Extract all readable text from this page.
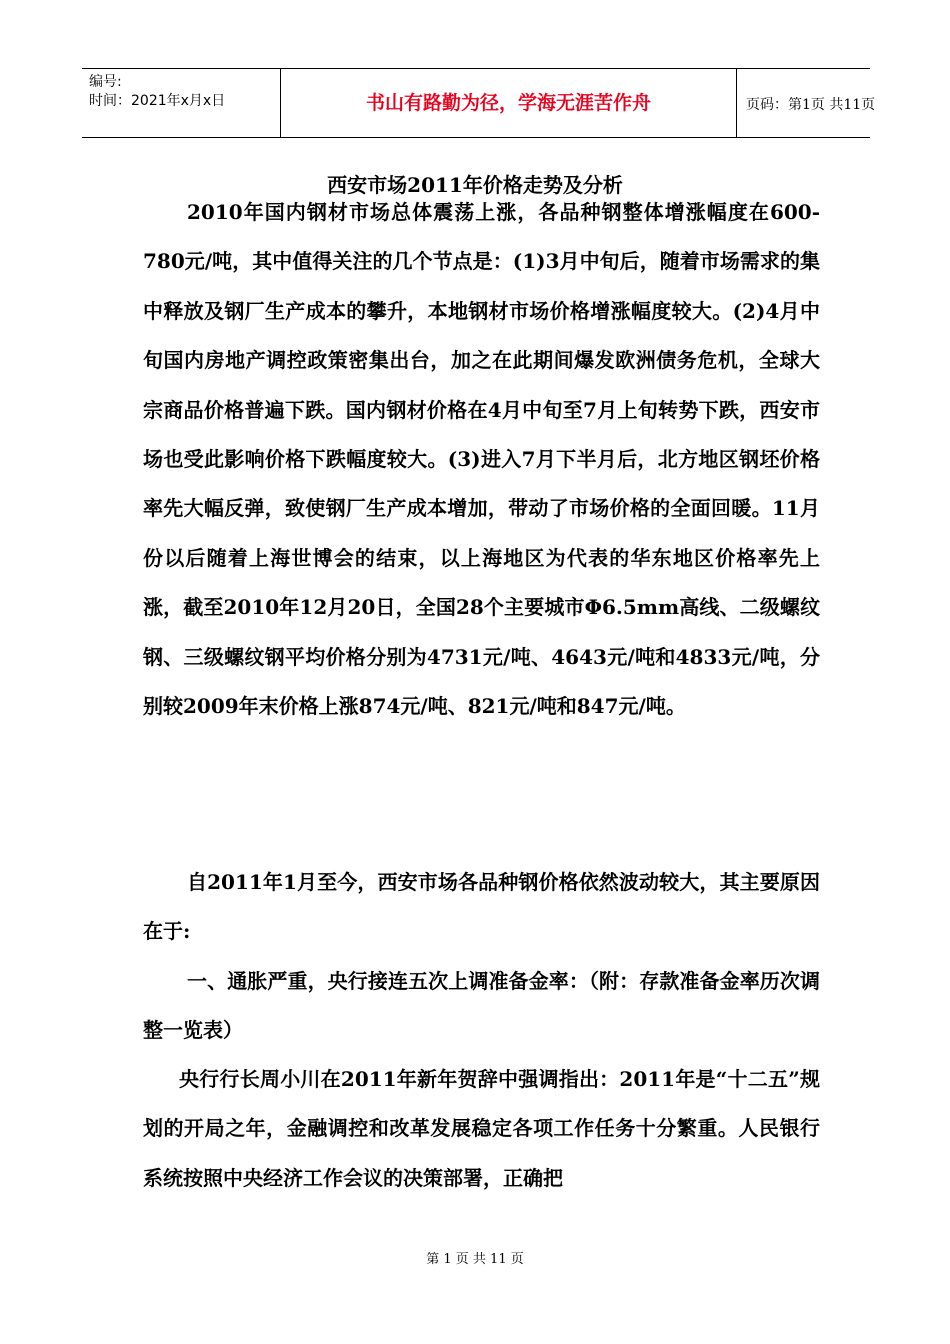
编号:
时间：2021年x月x日	书山有路勤为径，学海无涯苦作舟	页码：第1页 共11页
西安市场2011年价格走势及分析

2010年国内钢材市场总体震荡上涨，各品种钢整体增涨幅度在600-780元/吨，其中值得关注的几个节点是：(1)3月中旬后，随着市场需求的集中释放及钢厂生产成本的攀升，本地钢材市场价格增涨幅度较大。(2)4月中旬国内房地产调控政策密集出台，加之在此期间爆发欧洲债务危机，全球大宗商品价格普遍下跌。国内钢材价格在4月中旬至7月上旬转势下跌，西安市场也受此影响价格下跌幅度较大。(3)进入7月下半月后，北方地区钢坯价格率先大幅反弹，致使钢厂生产成本增加，带动了市场价格的全面回暖。11月份以后随着上海世博会的结束，以上海地区为代表的华东地区价格率先上涨，截至2010年12月20日，全国28个主要城市Φ6.5mm高线、二级螺纹钢、三级螺纹钢平均价格分别为4731元/吨、4643元/吨和4833元/吨，分别较2009年末价格上涨874元/吨、821元/吨和847元/吨。

自2011年1月至今，西安市场各品种钢价格依然波动较大，其主要原因在于:

一、通胀严重，央行接连五次上调准备金率：（附：存款准备金率历次调整一览表）

央行行长周小川在2011年新年贺辞中强调指出：2011年是“十二五”规划的开局之年，金融调控和改革发展稳定各项工作任务十分繁重。人民银行系统按照中央经济工作会议的决策部署，正确把

第 1 页 共 11 页
